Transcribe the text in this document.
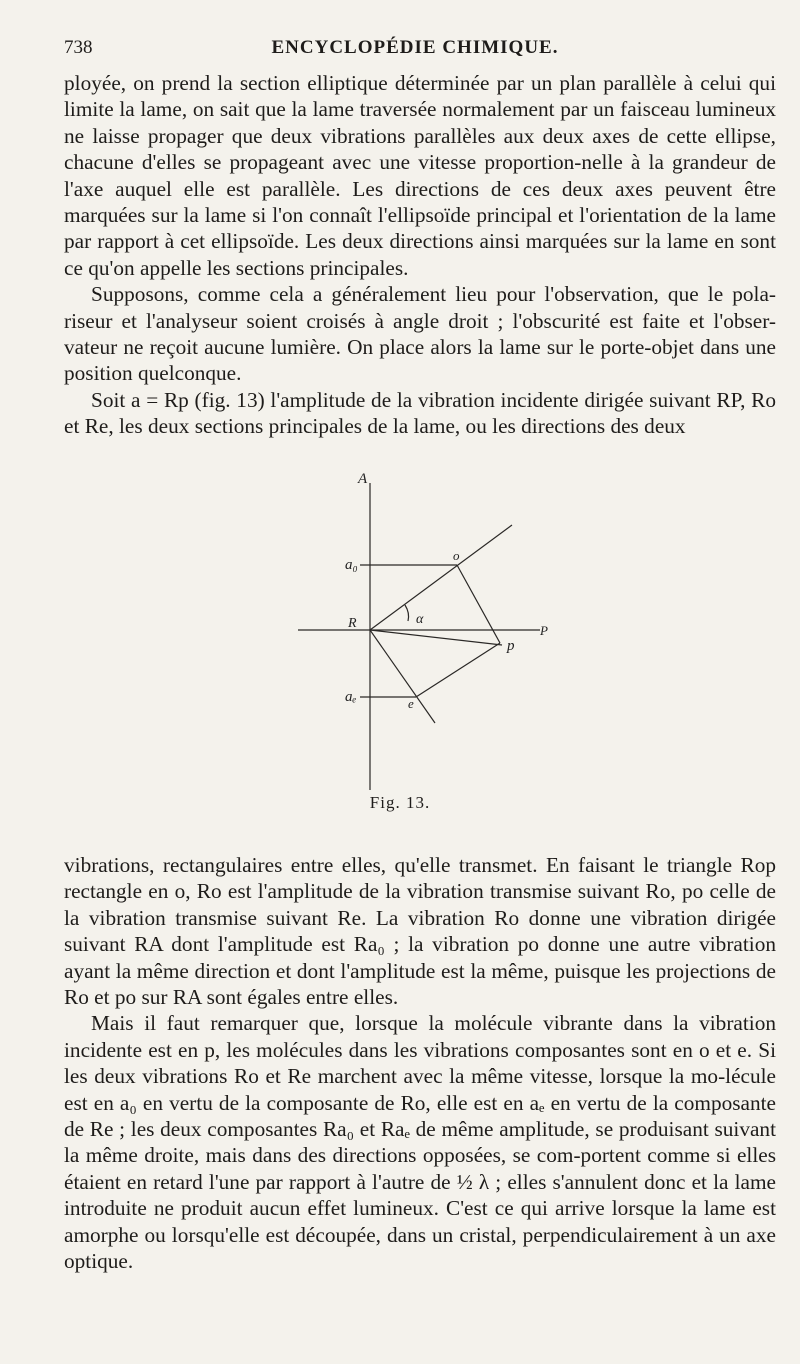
738	ENCYCLOPÉDIE CHIMIQUE.

ployée, on prend la section elliptique déterminée par un plan parallèle à celui qui limite la lame, on sait que la lame traversée normalement par un faisceau lumineux ne laisse propager que deux vibrations parallèles aux deux axes de cette ellipse, chacune d'elles se propageant avec une vitesse proportion-nelle à la grandeur de l'axe auquel elle est parallèle. Les directions de ces deux axes peuvent être marquées sur la lame si l'on connaît l'ellipsoïde principal et l'orientation de la lame par rapport à cet ellipsoïde. Les deux directions ainsi marquées sur la lame en sont ce qu'on appelle les sections principales.

Supposons, comme cela a généralement lieu pour l'observation, que le pola-riseur et l'analyseur soient croisés à angle droit ; l'obscurité est faite et l'obser-vateur ne reçoit aucune lumière. On place alors la lame sur le porte-objet dans une position quelconque.

Soit a = Rp (fig. 13) l'amplitude de la vibration incidente dirigée suivant RP, Ro et Re, les deux sections principales de la lame, ou les directions des deux

A
o
a₀
α
R	P
p
aₑ	e
Fig. 13.

vibrations, rectangulaires entre elles, qu'elle transmet. En faisant le triangle Rop rectangle en o, Ro est l'amplitude de la vibration transmise suivant Ro, po celle de la vibration transmise suivant Re. La vibration Ro donne une vibration dirigée suivant RA dont l'amplitude est Ra₀ ; la vibration po donne une autre vibration ayant la même direction et dont l'amplitude est la même, puisque les projections de Ro et po sur RA sont égales entre elles.

Mais il faut remarquer que, lorsque la molécule vibrante dans la vibration incidente est en p, les molécules dans les vibrations composantes sont en o et e. Si les deux vibrations Ro et Re marchent avec la même vitesse, lorsque la mo-lécule est en a₀ en vertu de la composante de Ro, elle est en aₑ en vertu de la composante de Re ; les deux composantes Ra₀ et Raₑ de même amplitude, se produisant suivant la même droite, mais dans des directions opposées, se com-portent comme si elles étaient en retard l'une par rapport à l'autre de ½ λ ; elles s'annulent donc et la lame introduite ne produit aucun effet lumineux. C'est ce qui arrive lorsque la lame est amorphe ou lorsqu'elle est découpée, dans un cristal, perpendiculairement à un axe optique.
